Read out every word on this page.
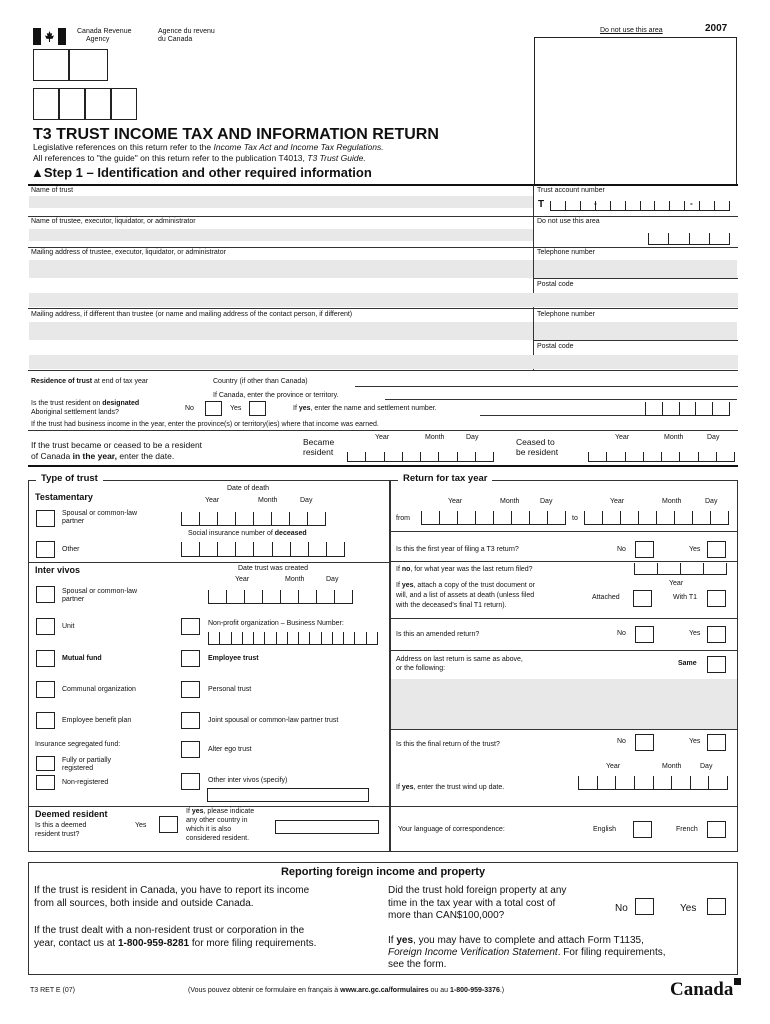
Canada Revenue
Agency
Agence du revenu
du Canada
Do not use this area	2007
T3 TRUST INCOME TAX AND INFORMATION RETURN
Legislative references on this return refer to the Income Tax Act and Income Tax Regulations.
All references to "the guide" on this return refer to the publication T4013, T3 Trust Guide.
▲Step 1 – Identification and other required information
Name of trust	Trust account number
T	-	-
Name of trustee, executor, liquidator, or administrator	Do not use this area
Mailing address of trustee, executor, liquidator, or administrator	Telephone number
Postal code
Mailing address, if different than trustee (or name and mailing address of the contact person, if different)	Telephone number
Postal code
Residence of trust at end of tax year	Country (if other than Canada)
If Canada, enter the province or territory.
Is the trust resident on designated
Aboriginal settlement lands?
No	Yes	If yes, enter the name and settlement number.
If the trust had business income in the year, enter the province(s) or territory(ies) where that income was earned.
If the trust became or ceased to be a resident
of Canada in the year, enter the date.
Became
resident
Year	Month	Day	Ceased to
be resident
Year	Month	Day
Type of trust
Testamentary
Date of death
Year	Month	Day
Spousal or common-law
partner
Social insurance number of deceased
Other
Inter vivos	Date trust was created
Year	Month	Day
Spousal or common-law
partner
Unit	Non-profit organization – Business Number:
Mutual fund	Employee trust
Communal organization	Personal trust
Employee benefit plan	Joint spousal or common-law partner trust
Insurance segregated fund:
Alter ego trust
Fully or partially
registered
Non-registered	Other inter vivos (specify)
Deemed resident
Is this a deemed
resident trust?
Yes
If yes, please indicate
any other country in
which it is also
considered resident.
Return for tax year
Year	Month	Day	Year	Month	Day
from	to
Is this the first year of filing a T3 return?	No	Yes
If no, for what year was the last return filed?
If yes, attach a copy of the trust document or
will, and a list of assets at death (unless filed
with the deceased's final T1 return).
Year
Attached	With T1
Is this an amended return?	No	Yes
Address on last return is same as above,
or the following:
Same
Is this the final return of the trust?	No	Yes
Year	Month	Day
If yes, enter the trust wind up date.
Your language of correspondence:	English	French
Reporting foreign income and property
If the trust is resident in Canada, you have to report its income
from all sources, both inside and outside Canada.
If the trust dealt with a non-resident trust or corporation in the
year, contact us at 1-800-959-8281 for more filing requirements.
Did the trust hold foreign property at any
time in the tax year with a total cost of
more than CAN$100,000?
No	Yes
If yes, you may have to complete and attach Form T1135,
Foreign Income Verification Statement. For filing requirements,
see the form.
T3 RET E (07)	(Vous pouvez obtenir ce formulaire en français à www.arc.gc.ca/formulaires ou au 1-800-959-3376.)	Canada
